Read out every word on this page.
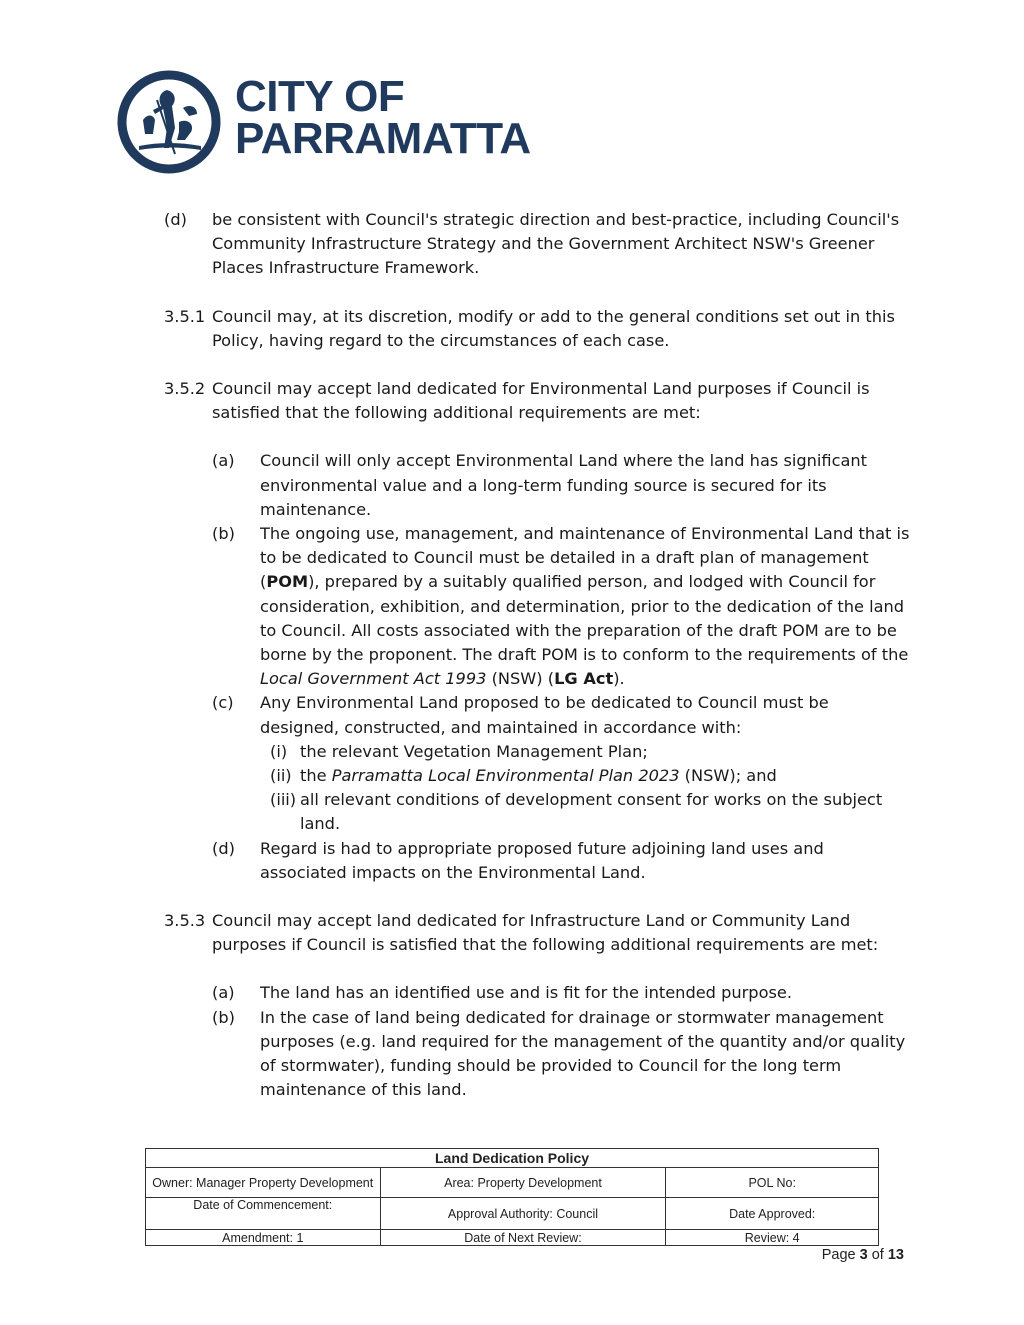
CITY OF
PARRAMATTA
(d)	be consistent with Council's strategic direction and best-practice, including Council's Community Infrastructure Strategy and the Government Architect NSW's Greener Places Infrastructure Framework.
3.5.1 Council may, at its discretion, modify or add to the general conditions set out in this Policy, having regard to the circumstances of each case.
3.5.2 Council may accept land dedicated for Environmental Land purposes if Council is satisfied that the following additional requirements are met:
(a)	Council will only accept Environmental Land where the land has significant environmental value and a long-term funding source is secured for its maintenance.
(b)	The ongoing use, management, and maintenance of Environmental Land that is to be dedicated to Council must be detailed in a draft plan of management (POM), prepared by a suitably qualified person, and lodged with Council for consideration, exhibition, and determination, prior to the dedication of the land to Council. All costs associated with the preparation of the draft POM are to be borne by the proponent. The draft POM is to conform to the requirements of the Local Government Act 1993 (NSW) (LG Act).
(c)	Any Environmental Land proposed to be dedicated to Council must be designed, constructed, and maintained in accordance with:
(i) the relevant Vegetation Management Plan;
(ii) the Parramatta Local Environmental Plan 2023 (NSW); and
(iii) all relevant conditions of development consent for works on the subject land.
(d)	Regard is had to appropriate proposed future adjoining land uses and associated impacts on the Environmental Land.
3.5.3 Council may accept land dedicated for Infrastructure Land or Community Land purposes if Council is satisfied that the following additional requirements are met:
(a)	The land has an identified use and is fit for the intended purpose.
(b)	In the case of land being dedicated for drainage or stormwater management purposes (e.g. land required for the management of the quantity and/or quality of stormwater), funding should be provided to Council for the long term maintenance of this land.
Land Dedication Policy		
Owner: Manager Property Development	Area: Property Development	POL No:
Date of Commencement:	Approval Authority: Council	Date Approved:
Amendment: 1	Date of Next Review:	Review: 4
Page 3 of 13
